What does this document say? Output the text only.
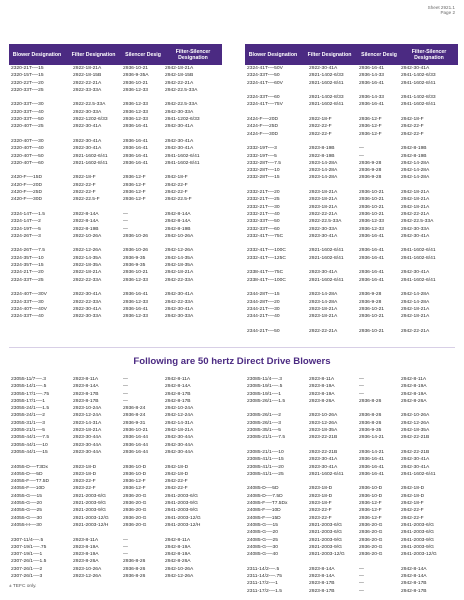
Sheet 2921.1
Page 2
Blower Designation	Filter Designation	Silencer Desig	Filter-Silencer Designation
2320-21T-—15	2922-18-21A	2936-10-21	2942-18-21A
2320-15T-—15	2922-18-15B	2936-9-35A	2942-18-15B
2320-22T-—20	2922-22-21A	2936-10-21	2942-22-21A
2320-33T-—25	2922-33-33A	2936-12-33	2942-22.5-33A
2320-33T-—30	2922-22.5-33A	2936-12-33	2942-22.5-33A
2320-33T-—40	2922-30-33A	2936-12-33	2942-30-33A
2320-33T-—50	2922-1202-6/33	2936-12-33	2941-1202-6/33
2320-40T-—25	2922-30-41A	2936-16-41	2942-30-41A
2320-40T-—30	2922-30-41A	2936-16-41	2942-30-41A
2320-40T-—40	2922-30-41A	2936-16-41	2942-30-41A
2320-40T-—50	2921-1602-6/41	2936-16-41	2941-1602-6/41
2320-40T-—60	2921-1602-8/41	2936-16-41	2941-1602-8/41
2420-F-—15D	2922-18-F	2936-12-F	2942-18-F
2420-F-—20D	2922-22-F	2936-12-F	2942-22-F
2420-F-—25D	2922-22-F	2936-12-F	2942-22-F
2420-F-—30D	2922-22.5-F	2936-12-F	2942-22.5-F
2324-14T-—1.5	2922-8-14A	—	2942-8-14A
2324-14T-—2	2922-8-14A	—	2942-8-14A
2324-19T-—5	2922-8-19B	—	2942-8-19B
2324-26T-—3	2922-10-26A	2936-10-26	2942-10-26A
2324-26T-—7.5	2922-12-26A	2936-10-26	2942-12-26A
2324-35T-—10	2922-14-35A	2936-9-35	2942-14-35A
2324-35T-—15	2922-18-35A	2936-9-35	2942-18-35A
2324-21T-—20	2922-18-21A	2936-10-21	2942-18-21A
2324-33T-—25	2922-22-33A	2936-12-33	2942-22-33A
2324-40T-—30V	2922-30-41A	2936-16-41	2942-30-41A
2324-33T-—30	2922-22-33A	2936-12-33	2942-22-33A
2324-40T-—40V	2922-30-41A	2936-16-41	2942-30-41A
2324-33T-—40	2922-30-33A	2936-12-33	2942-30-33A
Blower Designation	Filter Designation	Silencer Desig	Filter-Silencer Designation
2324-41T-—50V	2922-30-41A	2936-16-41	2942-30-41A
2324-33T-—50	2921-1402-6/33	2936-14-33	2941-1402-6/33
2324-41T-—60V	2921-1602-8/41	2936-16-41	2941-1602-8/41
2324-33T-—60	2921-1402-8/33	2936-14-33	2941-1402-8/33
2324-41T-—75V	2921-1602-8/41	2936-16-41	2941-1602-8/41
2424-F-—20D	2922-18-F	2936-12-F	2942-18-F
2424-F-—25D	2922-22-F	2936-12-F	2942-22-F
2424-F-—30D	2922-22-F	2936-12-F	2942-22-F
2332-19T-—3	2923-8-19B	—	2942-8-19B
2332-19T-—5	2922-8-19B	—	2942-8-19B
2332-28T-—7.5	2923-14-28A	2936-9-28	2942-14-28A
2332-28T-—10	2923-14-28A	2936-9-28	2942-14-28A
2332-28T-—15	2923-14-28A	2936-9-28	2942-14-28A
2332-21T-—20	2923-18-21A	2936-10-21	2942-18-21A
2332-21T-—25	2923-18-21A	2936-10-21	2942-18-21A
2332-21T-—30	2923-18-21A	2936-10-21	2942-18-21A
2332-21T-—40	2922-22-21A	2936-10-21	2942-22-21A
2332-33T-—50	2922-22.5-33A	2936-12-33	2942-22.5-33A
2332-33T-—60	2922-30-33A	2936-12-33	2942-30-33A
2332-41T-—75C	2923-30-41A	2936-16-41	2942-30-41A
2332-41T-—100C	2921-1602-6/41	2936-16-41	2941-1602-6/41
2332-41T-—125C	2921-1602-8/41	2936-16-41	2941-1602-8/41
2338-41T-—75C	2923-30-41A	2936-16-41	2942-30-41A
2338-41T-—100C	2921-1602-6/41	2936-16-41	2941-1602-6/41
2344-28T-—15	2923-14-28A	2936-9-28	2942-14-28A
2344-28T-—20	2923-14-28A	2936-9-28	2942-14-28A
2344-21T-—30	2923-18-21A	2936-10-21	2942-18-21A
2344-21T-—40	2923-18-21A	2936-10-21	2942-18-21A
2344-21T-—50	2922-22-21A	2936-10-21	2942-22-21A
Following are 50 hertz Direct Drive Blowers
23055-11/7-—.3	2923-8-11A	—	2942-8-11A
23055-14/1-—.5	2923-8-14A	—	2942-8-14A
23055-17/1-—.75	2923-8-17B	—	2942-8-17B
23055-17/1-—1	2923-8-17B	—	2942-8-17B
23055-24/1-—1.5	2923-10-24A	2936-8-24	2942-10-24A
23055-24/1-—2	2923-12-24A	2936-8-24	2942-12-24A
23055-31/1-—3	2923-14-31A	2936-9-31	2942-14-31A
23055-21/1-—5	2923-18-21A	2936-10-21	2942-18-21A
23055-44/1-—7.5	2923-30-44A	2936-16-44	2942-30-44A
23055-44/1-—10	2923-30-44A	2936-16-44	2942-30-44A
23055-44/1-—15	2923-30-44A	2936-16-44	2942-30-44A
24055-D-—T3Dx	2923-18-D	2936-10-D	2942-18-D
24055-D-—5D	2923-18-D	2936-10-D	2942-18-D
24055-F-—T7.5D	2923-22-F	2936-12-F	2942-22-F
24055-F-—10D	2923-22-F	2936-12-F	2942-22-F
24055-G-—15	2921-2003-6/G	2936-20-G	2941-2003-6/G
24055-G-—20	2921-2003-9/G	2936-20-G	2941-2003-9/G
24055-G-—25	2921-2003-9/G	2936-20-G	2941-2003-9/G
24055-G-—30	2921-2003-12/G	2936-20-G	2941-2003-12/G
24055-H-—30	2921-2003-12/H	2936-20-G	2941-2003-12/H
2307-11/4-—.5	2923-8-11A	—	2942-8-11A
2307-19/1-—.75	2923-8-19A	—	2942-8-19A
2307-19/1-—1	2923-8-19A	—	2942-8-19A
2307-26/1-—1.5	2923-8-26A	2936-8-26	2942-8-26A
2307-26/1-—2	2923-10-26A	2936-8-26	2942-10-26A
2307-26/1-—3	2923-12-26A	2936-8-26	2942-12-26A
23085-11/4-—.3	2923-8-11A	—	2942-8-11A
23085-19/1-—.5	2923-8-19A	—	2942-8-19A
23085-19/1-—1	2923-8-19A	—	2942-8-19A
23085-26/1-—1.5	2923-8-26A	2936-8-26	2942-8-26A
23085-26/1-—2	2923-10-26A	2936-8-26	2942-10-26A
23085-26/1-—3	2923-12-26A	2936-8-26	2942-12-26A
23085-35/1-—5	2923-18-35A	2936-9-35	2942-18-35A
23085-21/1-—7.5	2923-22-21B	2936-14-21	2942-22-21B
23085-21/1-—10	2923-22-21B	2936-14-21	2942-22-21B
23085-41/1-—15	2923-30-41A	2936-16-41	2942-30-41A
23085-41/1-—20	2923-30-41A	2936-16-41	2942-30-41A
23085-41/1-—25	2921-1602-6/41	2936-16-41	2941-1602-6/41
24085-D-—5D	2923-18-D	2936-10-D	2942-18-D
24085-D-—7.5D	2923-18-D	2936-10-D	2942-18-D
24085-F-—T7.5Dx	2923-18-F	2936-12-F	2942-18-F
24085-F-—10D	2923-22-F	2936-12-F	2942-22-F
24085-F-—15D	2923-22-F	2936-12-F	2942-22-F
24085-G-—15	2921-2003-6/G	2936-20-G	2941-2003-6/G
24085-G-—20	2921-2003-6/G	2936-20-G	2941-2003-6/G
24085-G-—25	2921-2003-9/G	2936-20-G	2941-2003-9/G
24085-G-—30	2921-2003-9/G	2936-20-G	2941-2003-9/G
24085-G-—40	2921-2003-12/G	2936-20-G	2941-2003-12/G
2311-14/2-—.5	2923-8-14A	—	2942-8-14A
2311-14/2-—.75	2923-8-14A	—	2942-8-14A
2311-17/2-—1	2923-8-17B	—	2942-8-17B
2311-17/2-—1.5	2923-8-17B	—	2942-8-17B
± TEFC only.
